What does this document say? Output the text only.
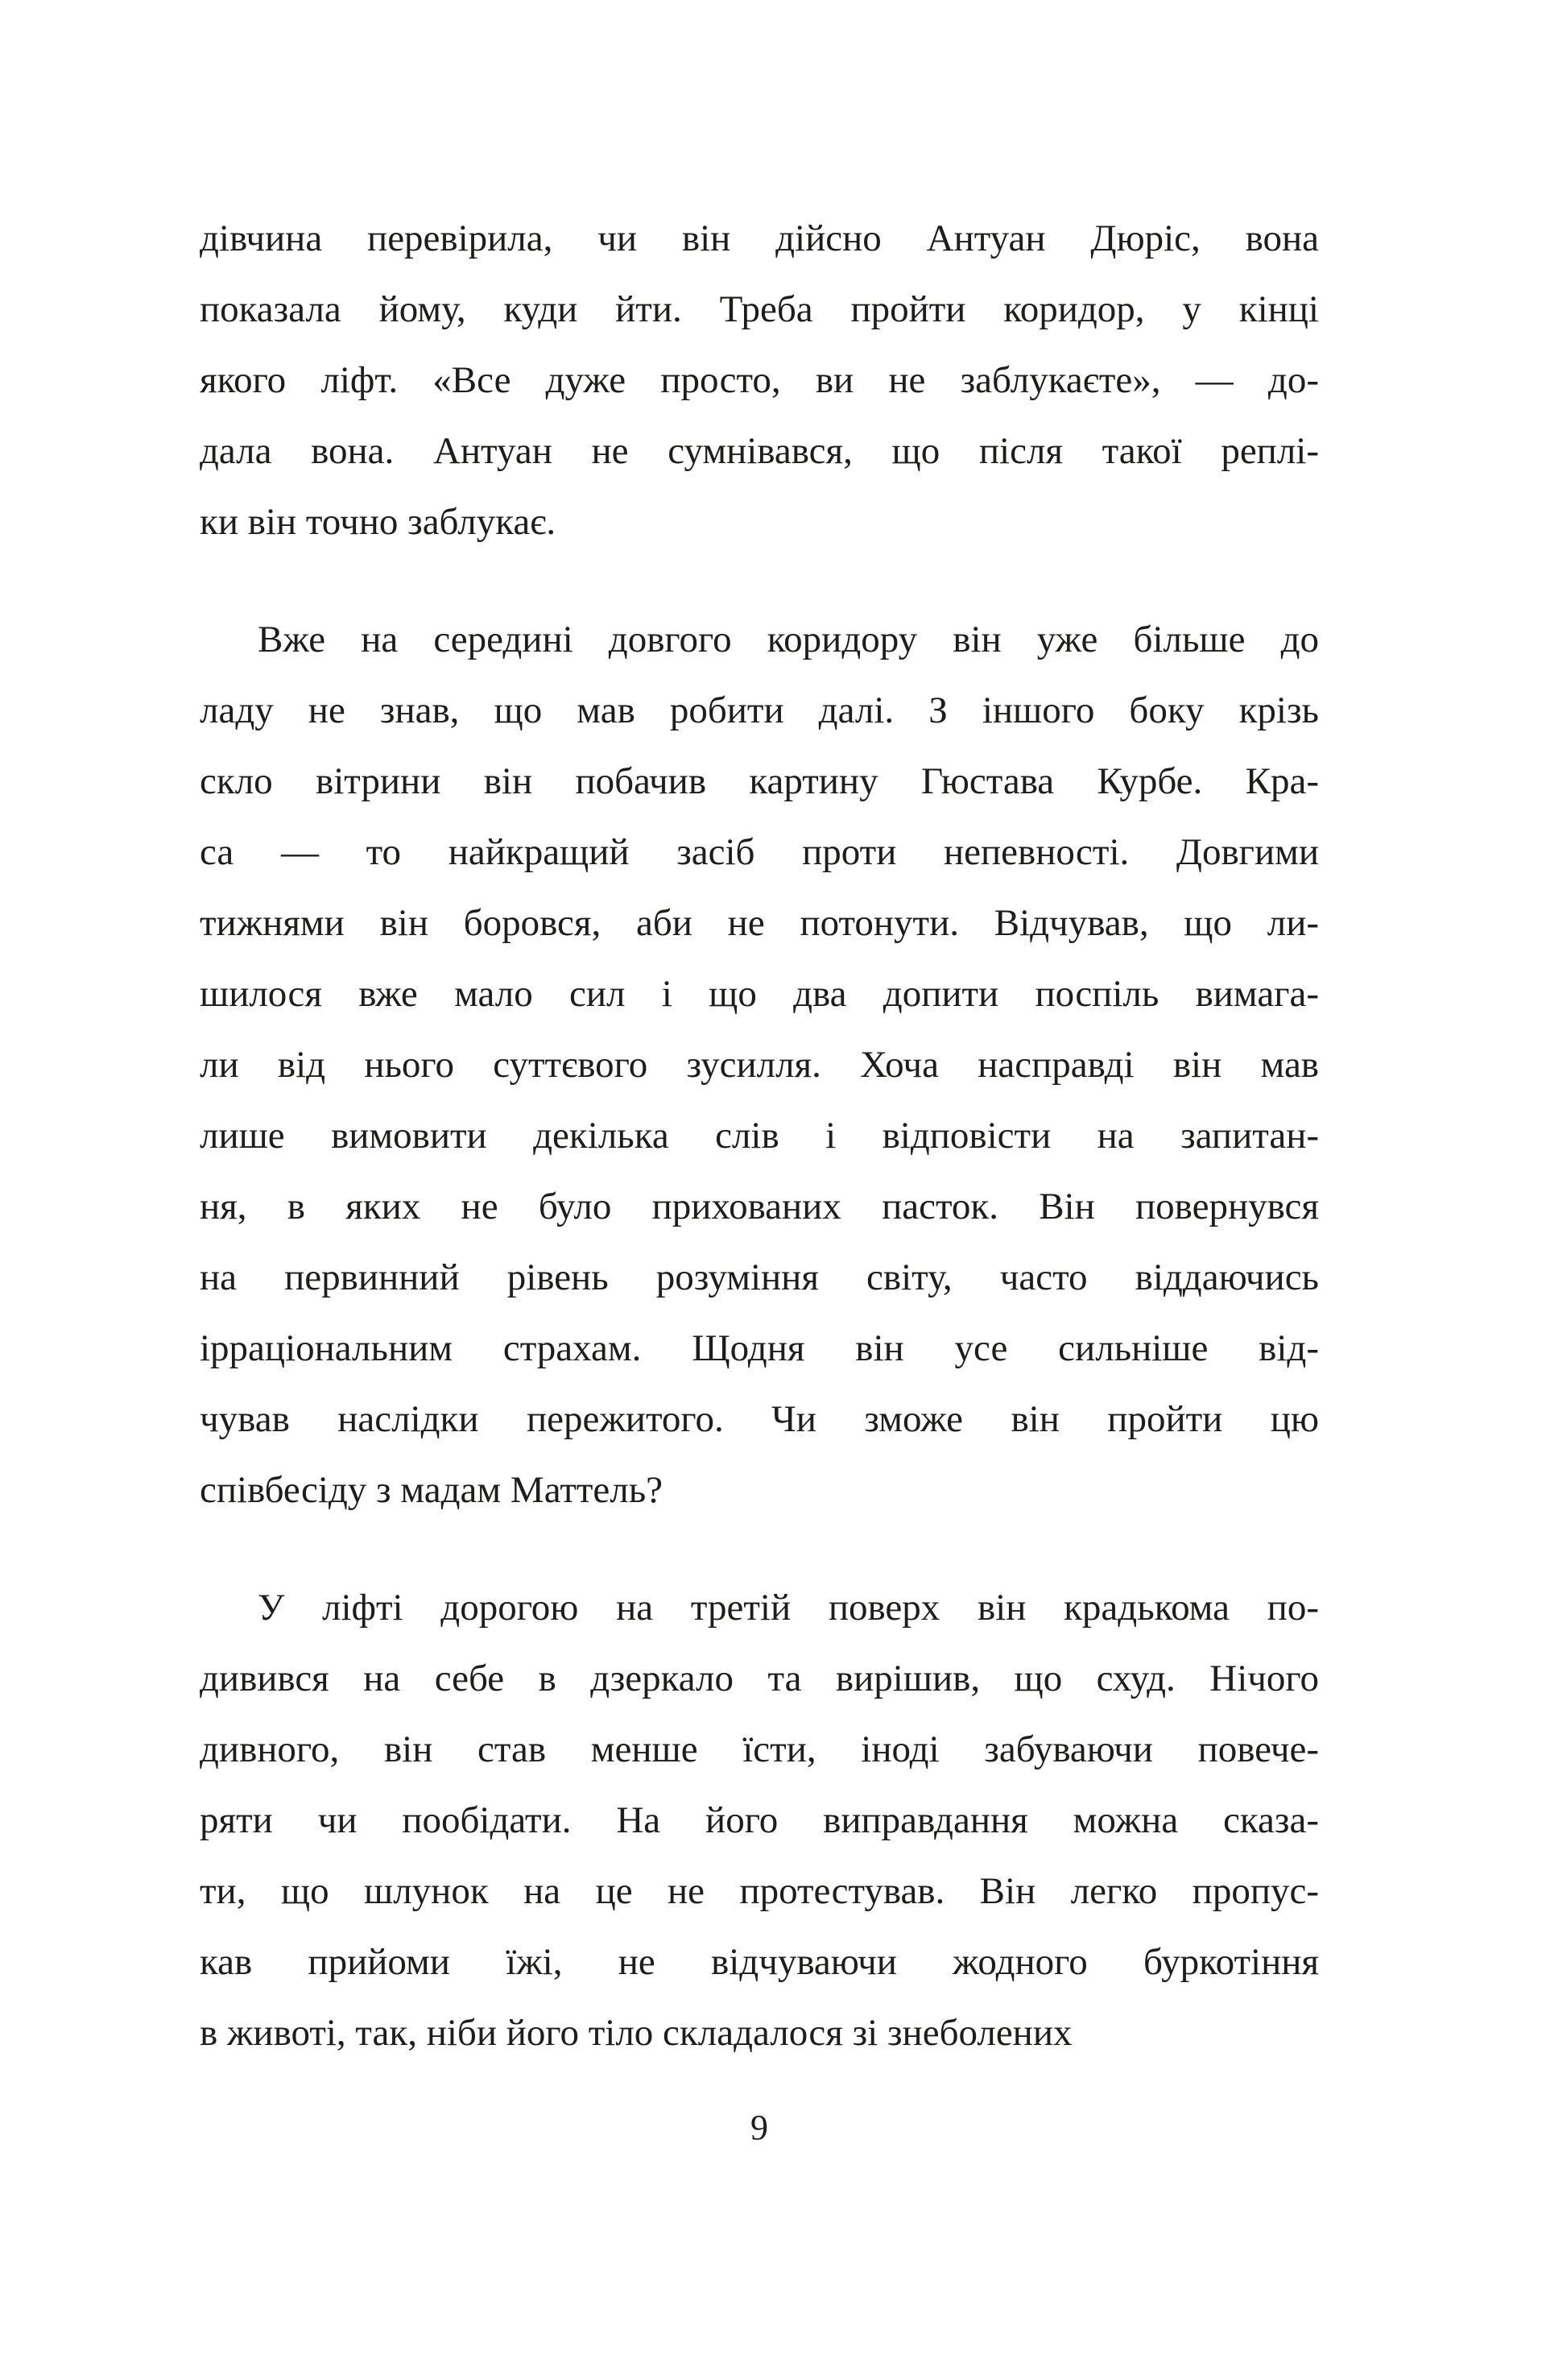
дівчина перевірила, чи він дійсно Антуан Дюріс, вона
показала йому, куди йти. Треба пройти коридор, у кінці
якого ліфт. «Все дуже просто, ви не заблукаєте», — до-
дала вона. Антуан не сумнівався, що після такої реплі-
ки він точно заблукає.
Вже на середині довгого коридору він уже більше до
ладу не знав, що мав робити далі. З іншого боку крізь
скло вітрини він побачив картину Гюстава Курбе. Кра-
са — то найкращий засіб проти непевності. Довгими
тижнями він боровся, аби не потонути. Відчував, що ли-
шилося вже мало сил і що два допити поспіль вимага-
ли від нього суттєвого зусилля. Хоча насправді він мав
лише вимовити декілька слів і відповісти на запитан-
ня, в яких не було прихованих пасток. Він повернувся
на первинний рівень розуміння світу, часто віддаючись
ірраціональним страхам. Щодня він усе сильніше від-
чував наслідки пережитого. Чи зможе він пройти цю
співбесіду з мадам Маттель?
У ліфті дорогою на третій поверх він крадькома по-
дивився на себе в дзеркало та вирішив, що схуд. Нічого
дивного, він став менше їсти, іноді забуваючи повече-
ряти чи пообідати. На його виправдання можна сказа-
ти, що шлунок на це не протестував. Він легко пропус-
кав прийоми їжі, не відчуваючи жодного буркотіння
в животі, так, ніби його тіло складалося зі знеболених
9
